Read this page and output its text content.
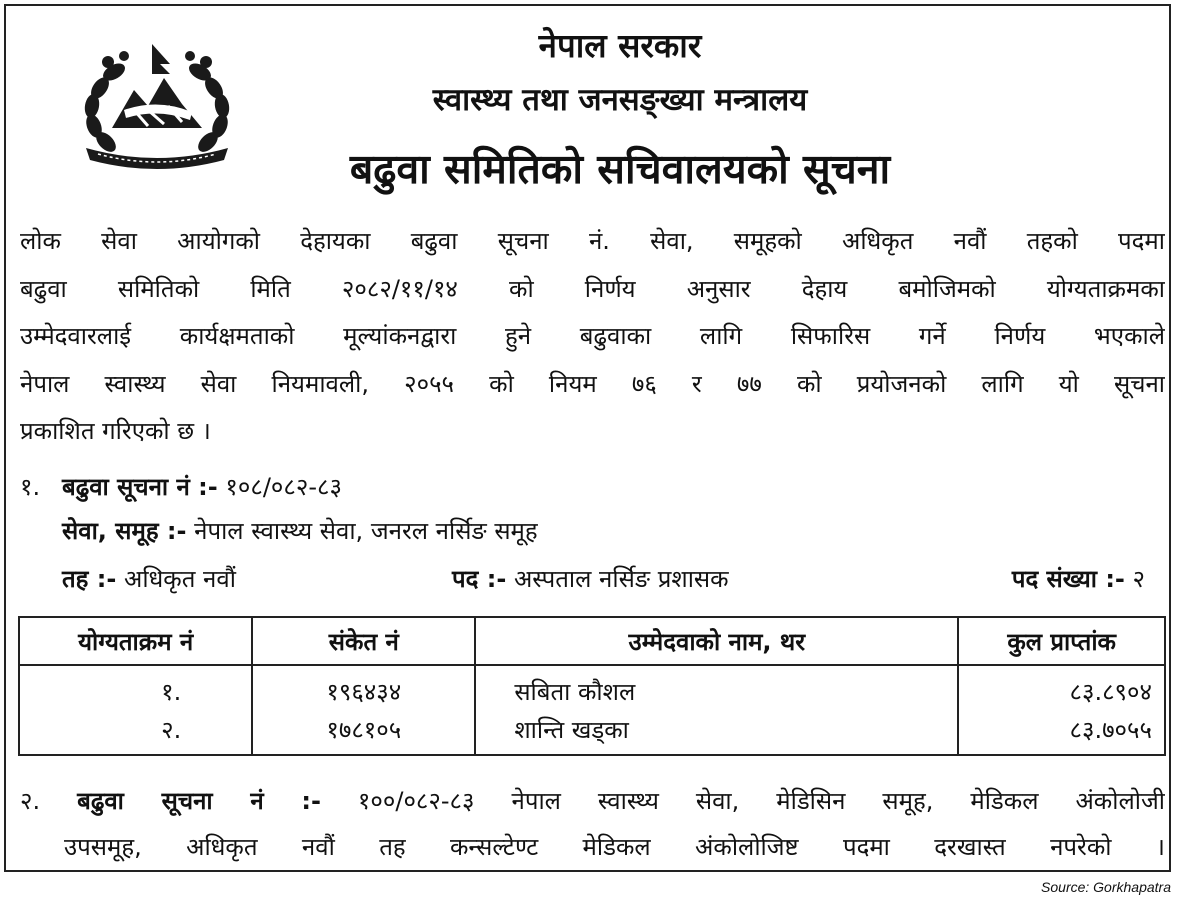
नेपाल सरकार
स्वास्थ्य तथा जनसङ्ख्या मन्त्रालय
बढुवा समितिको सचिवालयको सूचना
लोक सेवा आयोगको देहायका बढुवा सूचना नं. सेवा, समूहको अधिकृत नवौं तहको पदमा
बढुवा समितिको मिति २०८२/११/१४ को निर्णय अनुसार देहाय बमोजिमको योग्यताक्रमका
उम्मेदवारलाई कार्यक्षमताको मूल्यांकनद्वारा हुने बढुवाका लागि सिफारिस गर्ने निर्णय भएकाले
नेपाल स्वास्थ्य सेवा नियमावली, २०५५ को नियम ७६ र ७७ को प्रयोजनको लागि यो सूचना
प्रकाशित गरिएको छ ।
१. बढुवा सूचना नं :- १०८/०८२-८३
सेवा, समूह :- नेपाल स्वास्थ्य सेवा, जनरल नर्सिङ समूह
तह :- अधिकृत नवौं	पद :- अस्पताल नर्सिङ प्रशासक	पद संख्या :- २
योग्यताक्रम नं	संकेत नं	उम्मेदवाको नाम, थर	कुल प्राप्तांक
१.	१९६४३४	सबिता कौशल	८३.८९०४
२.	१७८१०५	शान्ति खड्का	८३.७०५५
२. बढुवा सूचना नं :- १००/०८२-८३ नेपाल स्वास्थ्य सेवा, मेडिसिन समूह, मेडिकल अंकोलोजी
उपसमूह, अधिकृत नवौं तह कन्सल्टेण्ट मेडिकल अंकोलोजिष्ट पदमा दरखास्त नपरेको ।
Source: Gorkhapatra
